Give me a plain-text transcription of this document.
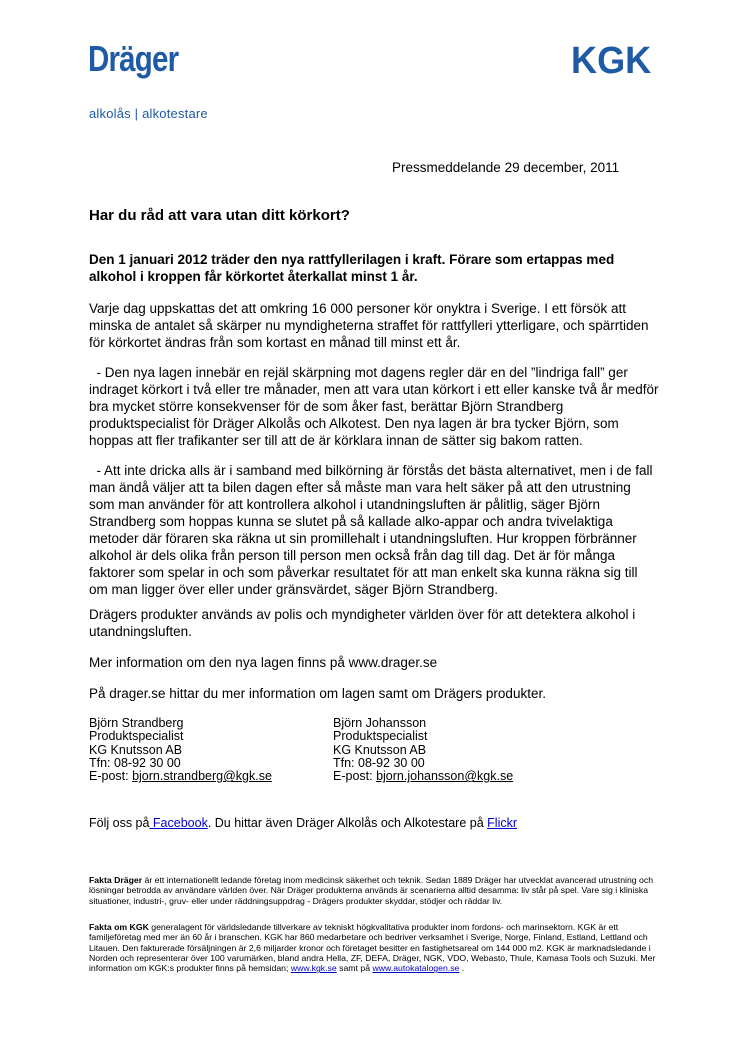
Dräger
alkolås | alkotestare
KGK
Pressmeddelande 29 december, 2011
Har du råd att vara utan ditt körkort?
Den 1 januari 2012 träder den nya rattfyllerilagen i kraft. Förare som ertappas med alkohol i kroppen får körkortet återkallat minst 1 år.
Varje dag uppskattas det att omkring 16 000 personer kör onyktra i Sverige. I ett försök att minska de antalet så skärper nu myndigheterna straffet för rattfylleri ytterligare, och spärrtiden för körkortet ändras från som kortast en månad till minst ett år.
- Den nya lagen innebär en rejäl skärpning mot dagens regler där en del ”lindriga fall” ger indraget körkort i två eller tre månader, men att vara utan körkort i ett eller kanske två år medför bra mycket större konsekvenser för de som åker fast, berättar Björn Strandberg produktspecialist för Dräger Alkolås och Alkotest. Den nya lagen är bra tycker Björn, som hoppas att fler trafikanter ser till att de är körklara innan de sätter sig bakom ratten.
- Att inte dricka alls är i samband med bilkörning är förstås det bästa alternativet, men i de fall man ändå väljer att ta bilen dagen efter så måste man vara helt säker på att den utrustning som man använder för att kontrollera alkohol i utandningsluften är pålitlig, säger Björn Strandberg som hoppas kunna se slutet på så kallade alko-appar och andra tvivelaktiga metoder där föraren ska räkna ut sin promillehalt i utandningsluften. Hur kroppen förbränner alkohol är dels olika från person till person men också från dag till dag. Det är för många faktorer som spelar in och som påverkar resultatet för att man enkelt ska kunna räkna sig till om man ligger över eller under gränsvärdet, säger Björn Strandberg.
Drägers produkter används av polis och myndigheter världen över för att detektera alkohol i utandningsluften.
Mer information om den nya lagen finns på www.drager.se
På drager.se hittar du mer information om lagen samt om Drägers produkter.
Björn Strandberg
Produktspecialist
KG Knutsson AB
Tfn: 08-92 30 00
E-post: bjorn.strandberg@kgk.se
Björn Johansson
Produktspecialist
KG Knutsson AB
Tfn: 08-92 30 00
E-post: bjorn.johansson@kgk.se
Följ oss på Facebook. Du hittar även Dräger Alkolås och Alkotestare på Flickr
Fakta Dräger är ett internationellt ledande företag inom medicinsk säkerhet och teknik. Sedan 1889 Dräger har utvecklat avancerad utrustning och lösningar betrodda av användare världen över. När Dräger produkterna används är scenarierna alltid desamma: liv står på spel. Vare sig i kliniska situationer, industri-, gruv- eller under räddningsuppdrag - Drägers produkter skyddar, stödjer och räddar liv.
Fakta om KGK generalagent för världsledande tillverkare av tekniskt högkvalitativa produkter inom fordons- och marinsektorn. KGK är ett familjeföretag med mer än 60 år i branschen. KGK har 860 medarbetare och bedriver verksamhet i Sverige, Norge, Finland, Estland, Lettland och Litauen. Den fakturerade försäljningen är 2,6 miljarder kronor och företaget besitter en fastighetsareal om 144 000 m2. KGK är marknadsledande i Norden och representerar över 100 varumärken, bland andra Hella, ZF, DEFA, Dräger, NGK, VDO, Webasto, Thule, Kamasa Tools och Suzuki. Mer information om KGK:s produkter finns på hemsidan; www.kgk.se samt på www.autokatalogen.se .
